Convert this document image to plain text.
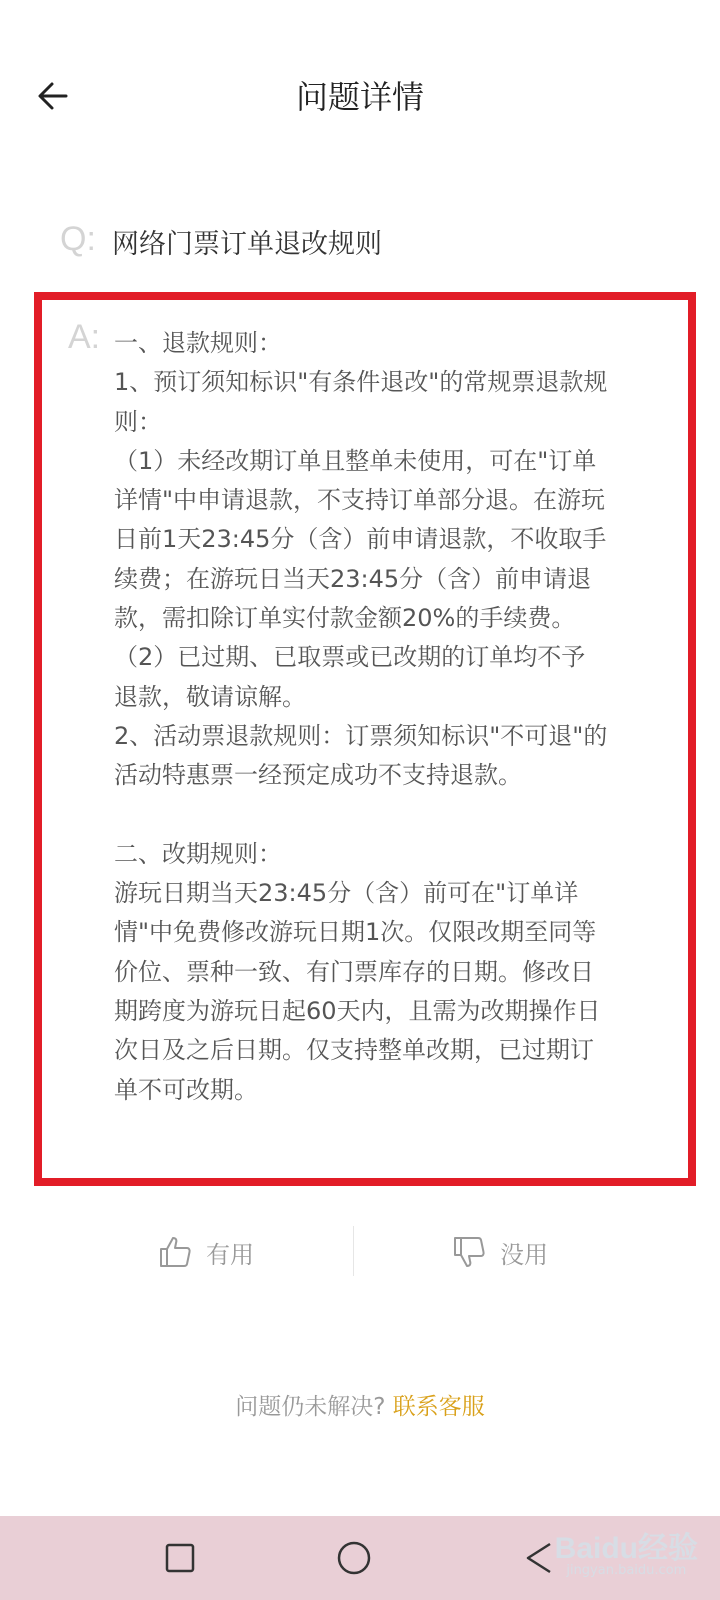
问题详情
Q: 网络门票订单退改规则
A: 一、退款规则：

1、预订须知标识"有条件退改"的常规票退款规

则：

（1）未经改期订单且整单未使用，可在"订单

详情"中申请退款，不支持订单部分退。在游玩

日前1天23:45分（含）前申请退款，不收取手

续费；在游玩日当天23:45分（含）前申请退

款，需扣除订单实付款金额20%的手续费。

（2）已过期、已取票或已改期的订单均不予

退款，敬请谅解。

2、活动票退款规则：订票须知标识"不可退"的

活动特惠票一经预定成功不支持退款。

二、改期规则：

游玩日期当天23:45分（含）前可在"订单详

情"中免费修改游玩日期1次。仅限改期至同等

价位、票种一致、有门票库存的日期。修改日

期跨度为游玩日起60天内，且需为改期操作日

次日及之后日期。仅支持整单改期，已过期订

单不可改期。

有用	没用
问题仍未解决? 联系客服
Baidu经验
jingyan.baidu.com
